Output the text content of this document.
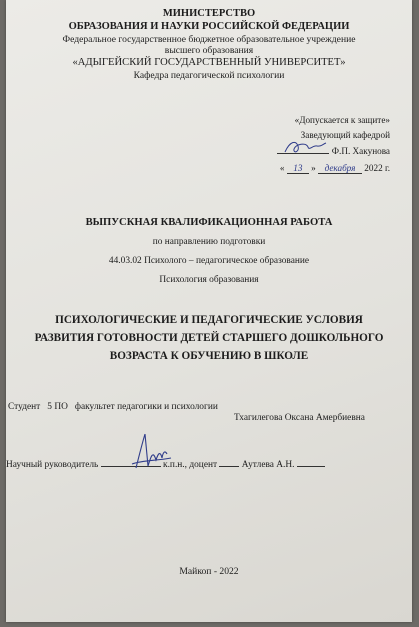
МИНИСТЕРСТВО
ОБРАЗОВАНИЯ И НАУКИ РОССИЙСКОЙ ФЕДЕРАЦИИ
Федеральное государственное бюджетное образовательное учреждение
высшего образования
«АДЫГЕЙСКИЙ ГОСУДАРСТВЕННЫЙ УНИВЕРСИТЕТ»
Кафедра педагогической психологии
«Допускается к защите»
Заведующий кафедрой
Ф.П. Хакунова
« 13 » декабря 2022 г.
ВЫПУСКНАЯ КВАЛИФИКАЦИОННАЯ РАБОТА
по направлению подготовки
44.03.02 Психолого – педагогическое образование
Психология образования
ПСИХОЛОГИЧЕСКИЕ И ПЕДАГОГИЧЕСКИЕ УСЛОВИЯ
РАЗВИТИЯ ГОТОВНОСТИ ДЕТЕЙ СТАРШЕГО ДОШКОЛЬНОГО
ВОЗРАСТА К ОБУЧЕНИЮ В ШКОЛЕ
Студент 5 ПО факультет педагогики и психологии
Тхагилегова Оксана Амербиевна
Научный руководитель	к.п.н., доцент	Аутлева А.Н.
Майкоп - 2022
